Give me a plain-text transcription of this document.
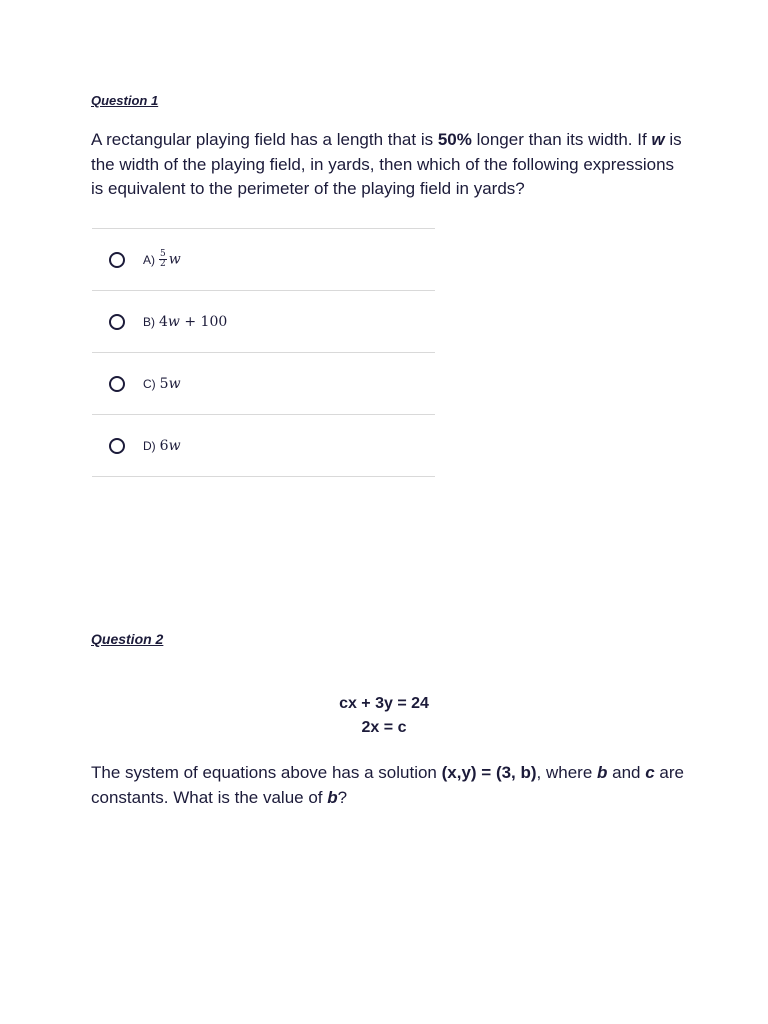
Question 1
A rectangular playing field has a length that is 50% longer than its width. If w is the width of the playing field, in yards, then which of the following expressions is equivalent to the perimeter of the playing field in yards?
$A) \frac{5}{2}$ w
B) 4w + 100
C) 5w
D) 6w
Question 2
cx + 3y = 24
2x = c
The system of equations above has a solution (x,y) = (3, b), where b and c are constants. What is the value of b?
